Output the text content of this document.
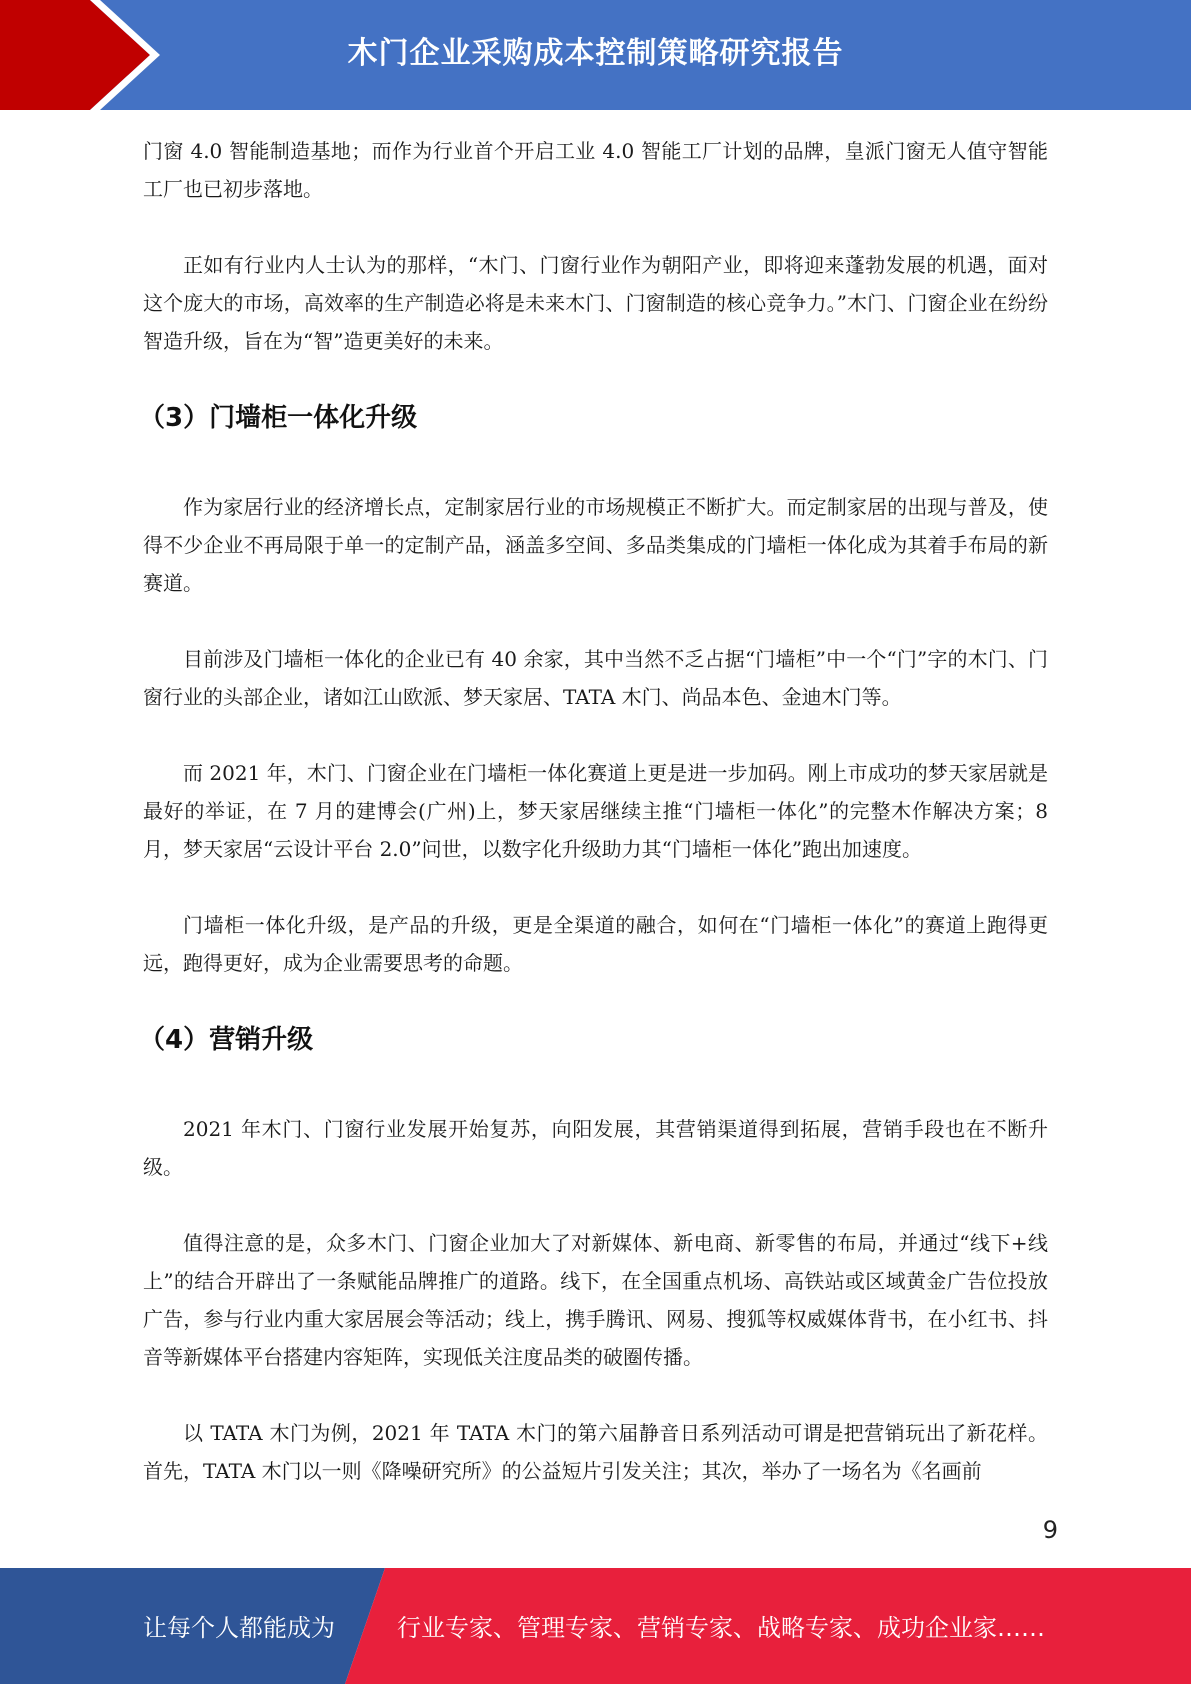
木门企业采购成本控制策略研究报告

门窗 4.0 智能制造基地；而作为行业首个开启工业 4.0 智能工厂计划的品牌，皇派门窗无人值守智能工厂也已初步落地。

正如有行业内人士认为的那样，“木门、门窗行业作为朝阳产业，即将迎来蓬勃发展的机遇，面对这个庞大的市场，高效率的生产制造必将是未来木门、门窗制造的核心竞争力。”木门、门窗企业在纷纷智造升级，旨在为“智”造更美好的未来。

（3）门墙柜一体化升级

作为家居行业的经济增长点，定制家居行业的市场规模正不断扩大。而定制家居的出现与普及，使得不少企业不再局限于单一的定制产品，涵盖多空间、多品类集成的门墙柜一体化成为其着手布局的新赛道。

目前涉及门墙柜一体化的企业已有 40 余家，其中当然不乏占据“门墙柜”中一个“门”字的木门、门窗行业的头部企业，诸如江山欧派、梦天家居、TATA 木门、尚品本色、金迪木门等。

而 2021 年，木门、门窗企业在门墙柜一体化赛道上更是进一步加码。刚上市成功的梦天家居就是最好的举证，在 7 月的建博会(广州)上，梦天家居继续主推“门墙柜一体化”的完整木作解决方案；8 月，梦天家居“云设计平台 2.0”问世，以数字化升级助力其“门墙柜一体化”跑出加速度。

门墙柜一体化升级，是产品的升级，更是全渠道的融合，如何在“门墙柜一体化”的赛道上跑得更远，跑得更好，成为企业需要思考的命题。

（4）营销升级

2021 年木门、门窗行业发展开始复苏，向阳发展，其营销渠道得到拓展，营销手段也在不断升级。

值得注意的是，众多木门、门窗企业加大了对新媒体、新电商、新零售的布局，并通过“线下+线上”的结合开辟出了一条赋能品牌推广的道路。线下，在全国重点机场、高铁站或区域黄金广告位投放广告，参与行业内重大家居展会等活动；线上，携手腾讯、网易、搜狐等权威媒体背书，在小红书、抖音等新媒体平台搭建内容矩阵，实现低关注度品类的破圈传播。

以 TATA 木门为例，2021 年 TATA 木门的第六届静音日系列活动可谓是把营销玩出了新花样。首先，TATA 木门以一则《降噪研究所》的公益短片引发关注；其次，举办了一场名为《名画前

9
让每个人都能成为	行业专家、管理专家、营销专家、战略专家、成功企业家……
